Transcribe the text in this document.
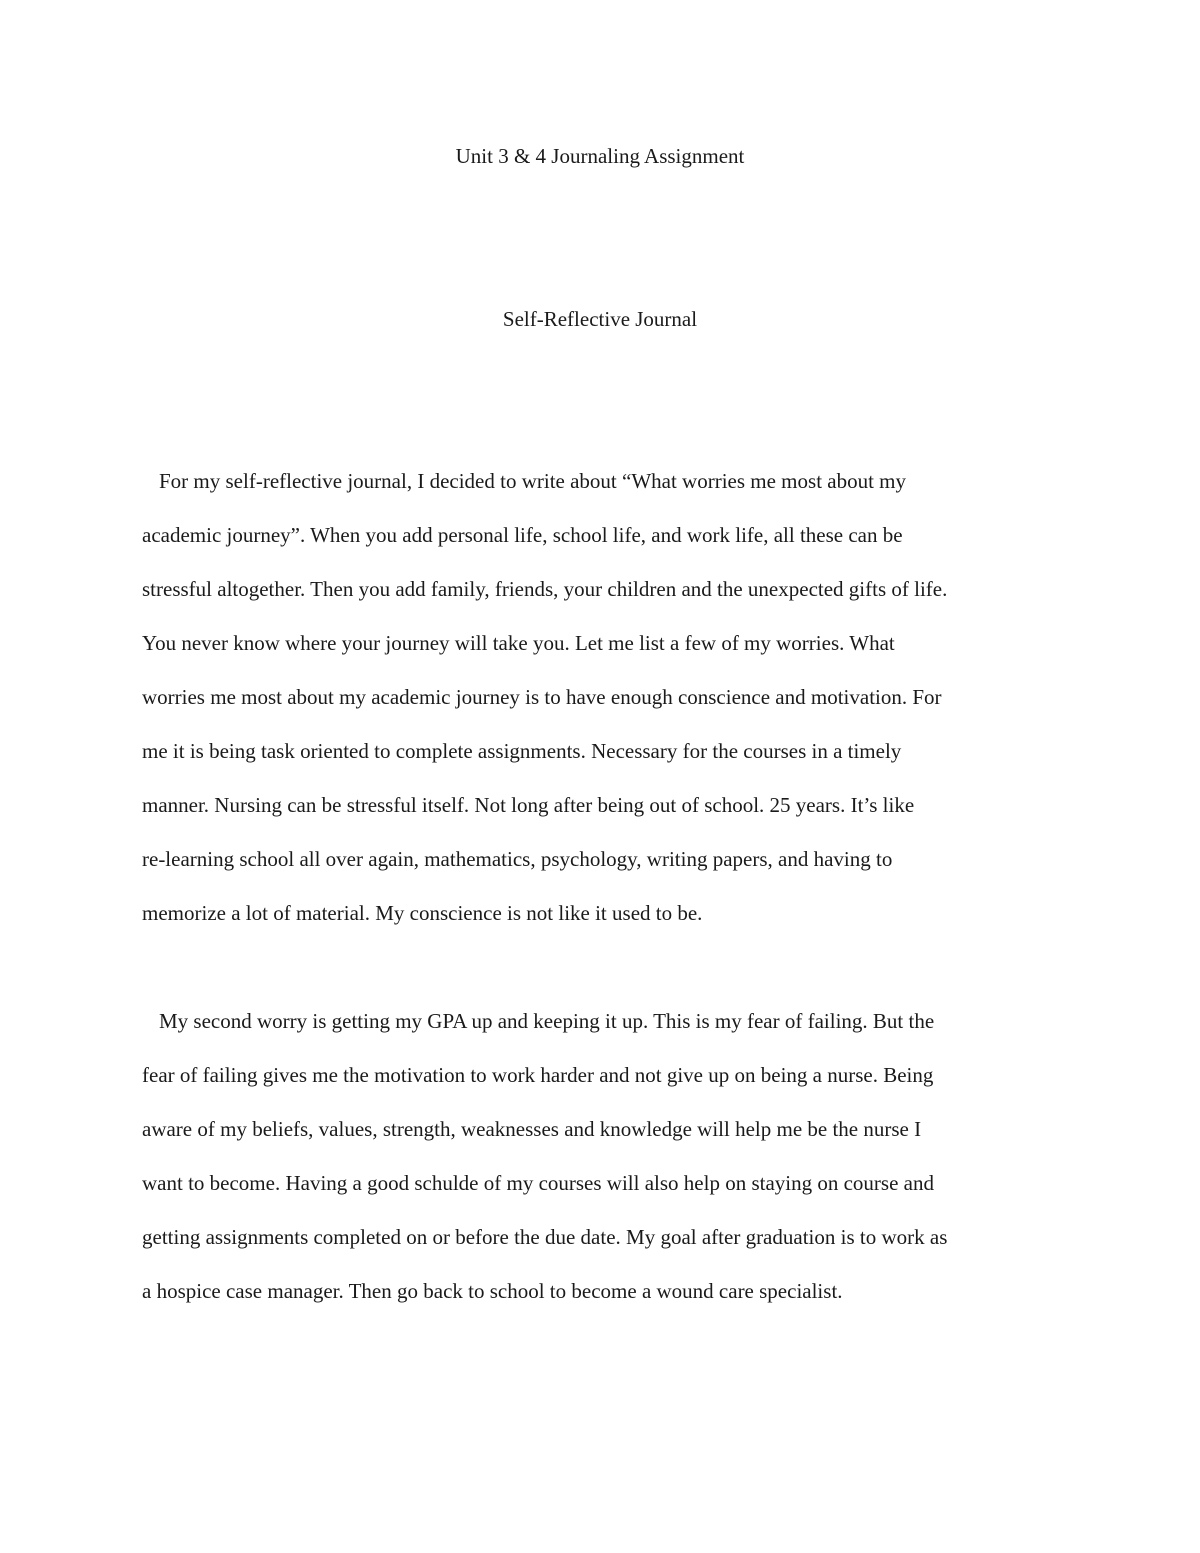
Unit 3 & 4 Journaling Assignment
Self-Reflective Journal
For my self-reflective journal, I decided to write about “What worries me most about my
academic journey”. When you add personal life, school life, and work life, all these can be
stressful altogether. Then you add family, friends, your children and the unexpected gifts of life.
You never know where your journey will take you. Let me list a few of my worries. What
worries me most about my academic journey is to have enough conscience and motivation. For
me it is being task oriented to complete assignments. Necessary for the courses in a timely
manner. Nursing can be stressful itself. Not long after being out of school. 25 years. It’s like
re-learning school all over again, mathematics, psychology, writing papers, and having to
memorize a lot of material. My conscience is not like it used to be.
My second worry is getting my GPA up and keeping it up. This is my fear of failing. But the
fear of failing gives me the motivation to work harder and not give up on being a nurse. Being
aware of my beliefs, values, strength, weaknesses and knowledge will help me be the nurse I
want to become. Having a good schulde of my courses will also help on staying on course and
getting assignments completed on or before the due date. My goal after graduation is to work as
a hospice case manager. Then go back to school to become a wound care specialist.
